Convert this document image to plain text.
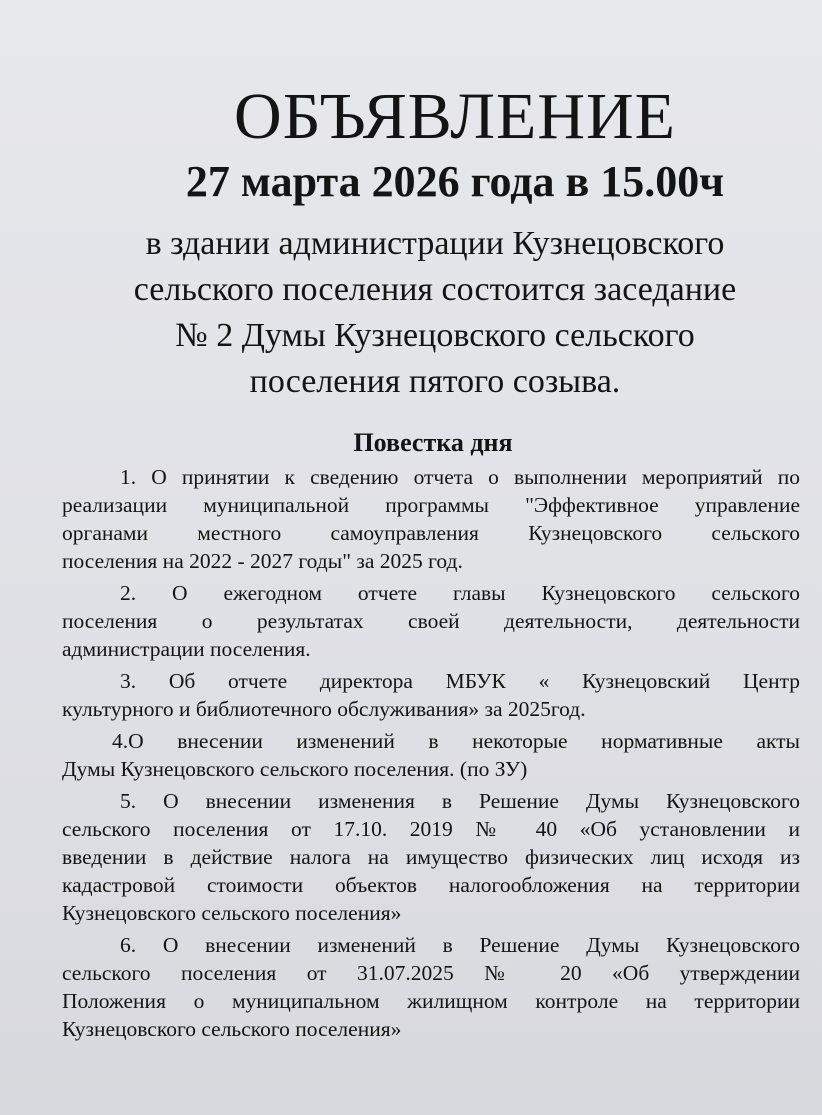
ОБЪЯВЛЕНИЕ
27 марта 2026 года в 15.00ч
в здании администрации Кузнецовского
сельского поселения состоится заседание
№ 2 Думы Кузнецовского сельского
поселения пятого созыва.
Повестка дня
1. О принятии к сведению отчета о выполнении мероприятий по
реализации муниципальной программы "Эффективное управление
органами местного самоуправления Кузнецовского сельского
поселения на 2022 - 2027 годы" за 2025 год.
2. О ежегодном отчете главы Кузнецовского сельского
поселения о результатах своей деятельности, деятельности
администрации поселения.
3. Об отчете директора МБУК « Кузнецовский Центр
культурного и библиотечного обслуживания» за 2025год.
4.О внесении изменений в некоторые нормативные акты
Думы Кузнецовского сельского поселения. (по ЗУ)
5. О внесении изменения в Решение Думы Кузнецовского
сельского поселения от 17.10. 2019 № 40 «Об установлении и
введении в действие налога на имущество физических лиц исходя из
кадастровой стоимости объектов налогообложения на территории
Кузнецовского сельского поселения»
6. О внесении изменений в Решение Думы Кузнецовского
сельского поселения от 31.07.2025 № 20 «Об утверждении
Положения о муниципальном жилищном контроле на территории
Кузнецовского сельского поселения»
